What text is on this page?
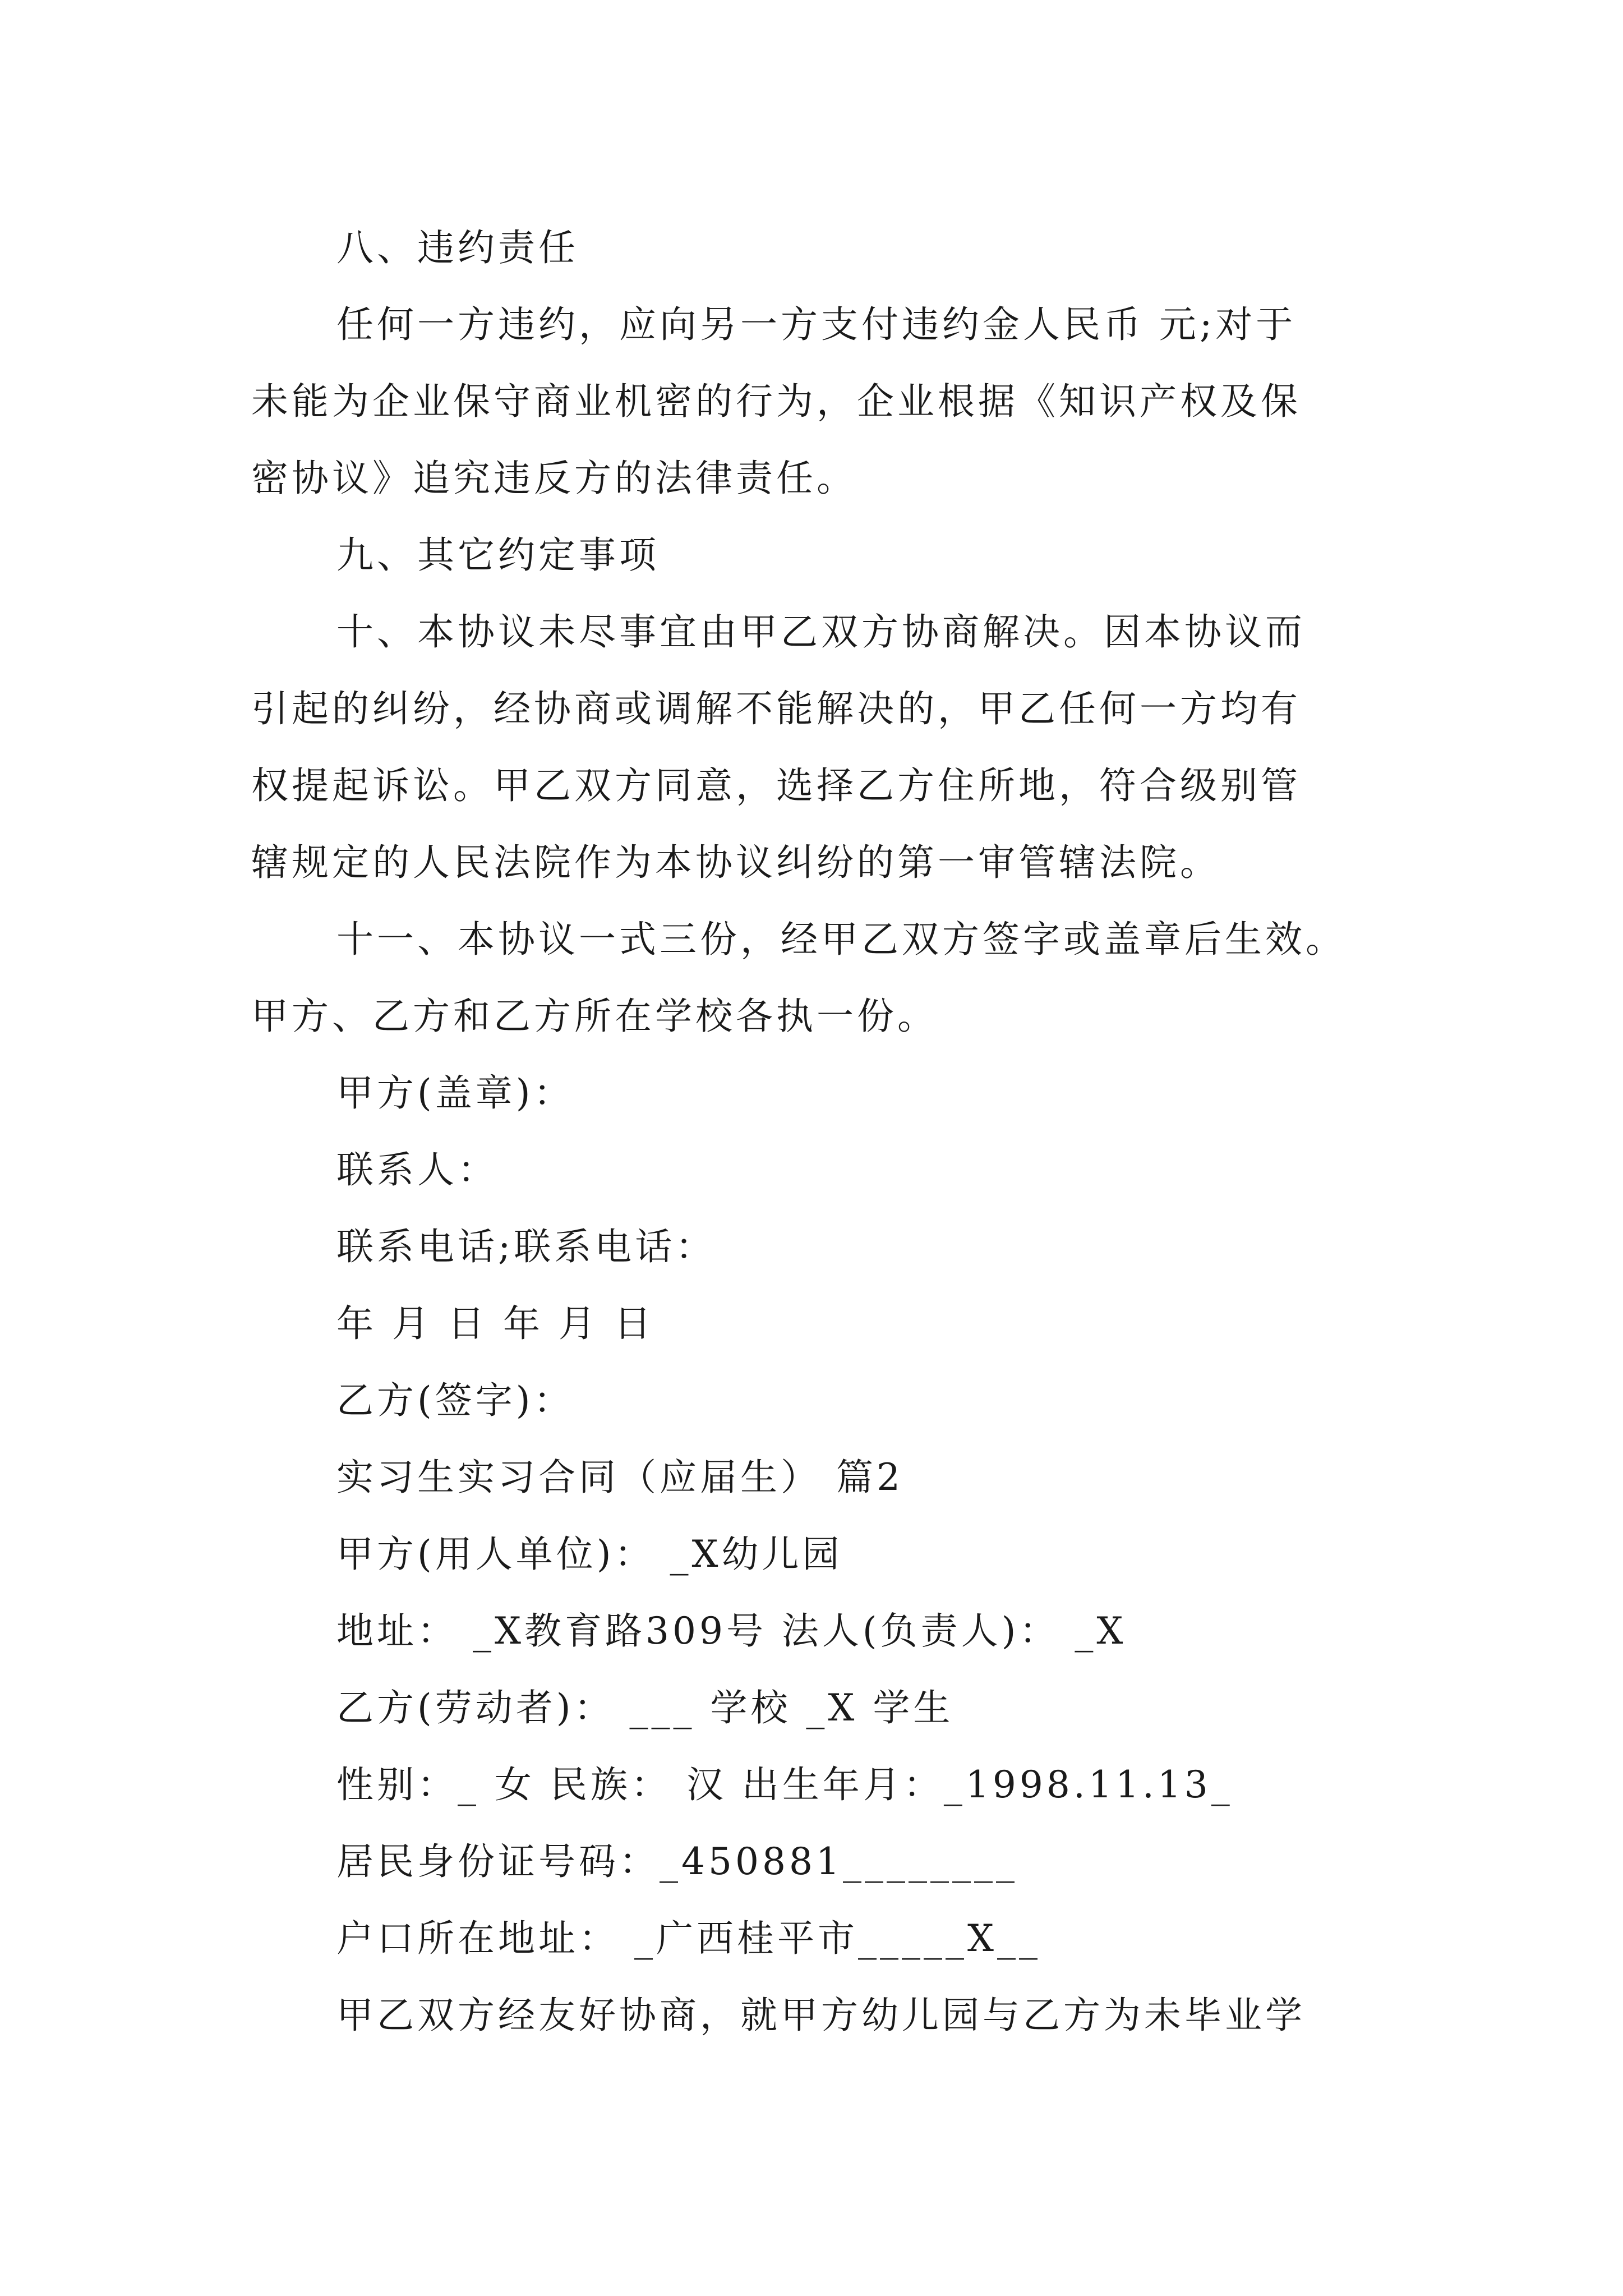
八、违约责任
任何一方违约，应向另一方支付违约金人民币 元;对于
未能为企业保守商业机密的行为，企业根据《知识产权及保
密协议》追究违反方的法律责任。
九、其它约定事项
十、本协议未尽事宜由甲乙双方协商解决。因本协议而
引起的纠纷，经协商或调解不能解决的，甲乙任何一方均有
权提起诉讼。甲乙双方同意，选择乙方住所地，符合级别管
辖规定的人民法院作为本协议纠纷的第一审管辖法院。
十一、本协议一式三份，经甲乙双方签字或盖章后生效。
甲方、乙方和乙方所在学校各执一份。
甲方(盖章)：
联系人：
联系电话;联系电话：
年 月 日 年 月 日
乙方(签字)：
实习生实习合同（应届生） 篇2
甲方(用人单位)： _X幼儿园
地址： _X教育路309号 法人(负责人)： _X
乙方(劳动者)： ___ 学校 _X 学生
性别：_ 女 民族： 汉 出生年月：_1998.11.13_
居民身份证号码：_450881________
户口所在地址： _广西桂平市_____X__
甲乙双方经友好协商，就甲方幼儿园与乙方为未毕业学
